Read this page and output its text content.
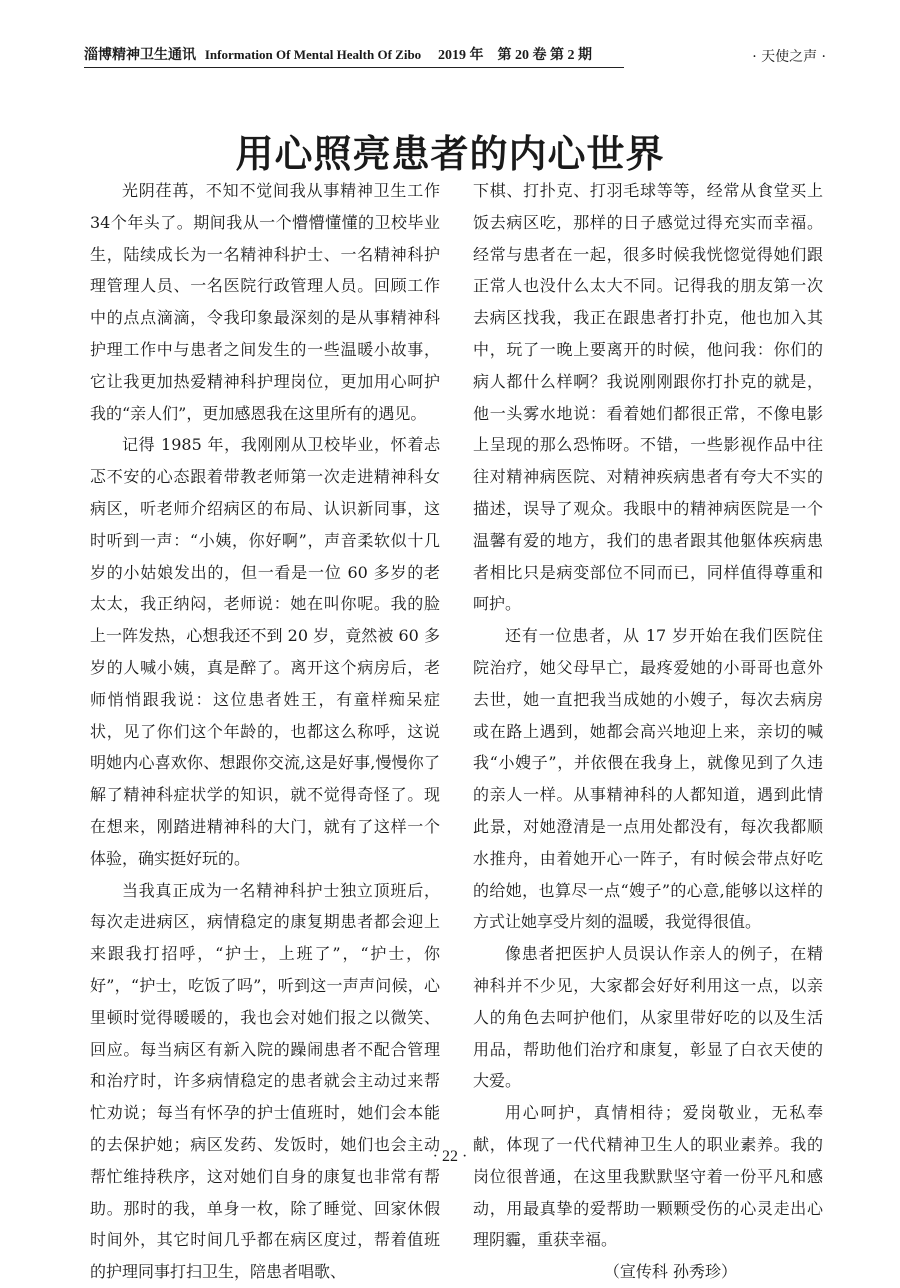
淄博精神卫生通讯 Information Of Mental Health Of Zibo 2019 年　第 20 卷 第 2 期	· 天使之声 ·
用心照亮患者的内心世界

光阴荏苒，不知不觉间我从事精神卫生工作34个年头了。期间我从一个懵懵懂懂的卫校毕业生，陆续成长为一名精神科护士、一名精神科护理管理人员、一名医院行政管理人员。回顾工作中的点点滴滴，令我印象最深刻的是从事精神科护理工作中与患者之间发生的一些温暖小故事，它让我更加热爱精神科护理岗位，更加用心呵护我的“亲人们”，更加感恩我在这里所有的遇见。

记得 1985 年，我刚刚从卫校毕业，怀着忐忑不安的心态跟着带教老师第一次走进精神科女病区，听老师介绍病区的布局、认识新同事，这时听到一声：“小姨，你好啊”，声音柔软似十几岁的小姑娘发出的，但一看是一位 60 多岁的老太太，我正纳闷，老师说：她在叫你呢。我的脸上一阵发热，心想我还不到 20 岁，竟然被 60 多岁的人喊小姨，真是醉了。离开这个病房后，老师悄悄跟我说：这位患者姓王，有童样痴呆症状，见了你们这个年龄的，也都这么称呼，这说明她内心喜欢你、想跟你交流,这是好事,慢慢你了解了精神科症状学的知识，就不觉得奇怪了。现在想来，刚踏进精神科的大门，就有了这样一个体验，确实挺好玩的。

当我真正成为一名精神科护士独立顶班后，每次走进病区，病情稳定的康复期患者都会迎上来跟我打招呼，“护士，上班了”，“护士，你好”，“护士，吃饭了吗”，听到这一声声问候，心里顿时觉得暖暖的，我也会对她们报之以微笑、回应。每当病区有新入院的躁闹患者不配合管理和治疗时，许多病情稳定的患者就会主动过来帮忙劝说；每当有怀孕的护士值班时，她们会本能的去保护她；病区发药、发饭时，她们也会主动帮忙维持秩序，这对她们自身的康复也非常有帮助。那时的我，单身一枚，除了睡觉、回家休假时间外，其它时间几乎都在病区度过，帮着值班的护理同事打扫卫生，陪患者唱歌、

下棋、打扑克、打羽毛球等等，经常从食堂买上饭去病区吃，那样的日子感觉过得充实而幸福。经常与患者在一起，很多时候我恍惚觉得她们跟正常人也没什么太大不同。记得我的朋友第一次去病区找我，我正在跟患者打扑克，他也加入其中，玩了一晚上要离开的时候，他问我：你们的病人都什么样啊？我说刚刚跟你打扑克的就是，他一头雾水地说：看着她们都很正常，不像电影上呈现的那么恐怖呀。不错，一些影视作品中往往对精神病医院、对精神疾病患者有夸大不实的描述，误导了观众。我眼中的精神病医院是一个温馨有爱的地方，我们的患者跟其他躯体疾病患者相比只是病变部位不同而已，同样值得尊重和呵护。

还有一位患者，从 17 岁开始在我们医院住院治疗，她父母早亡，最疼爱她的小哥哥也意外去世，她一直把我当成她的小嫂子，每次去病房或在路上遇到，她都会高兴地迎上来，亲切的喊我“小嫂子”，并依偎在我身上，就像见到了久违的亲人一样。从事精神科的人都知道，遇到此情此景，对她澄清是一点用处都没有，每次我都顺水推舟，由着她开心一阵子，有时候会带点好吃的给她，也算尽一点“嫂子”的心意,能够以这样的方式让她享受片刻的温暖，我觉得很值。

像患者把医护人员误认作亲人的例子，在精神科并不少见，大家都会好好利用这一点，以亲人的角色去呵护他们，从家里带好吃的以及生活用品，帮助他们治疗和康复，彰显了白衣天使的大爱。

用心呵护，真情相待；爱岗敬业，无私奉献，体现了一代代精神卫生人的职业素养。我的岗位很普通，在这里我默默坚守着一份平凡和感动，用最真挚的爱帮助一颗颗受伤的心灵走出心理阴霾，重获幸福。

（宣传科 孙秀珍）

· 22 ·
